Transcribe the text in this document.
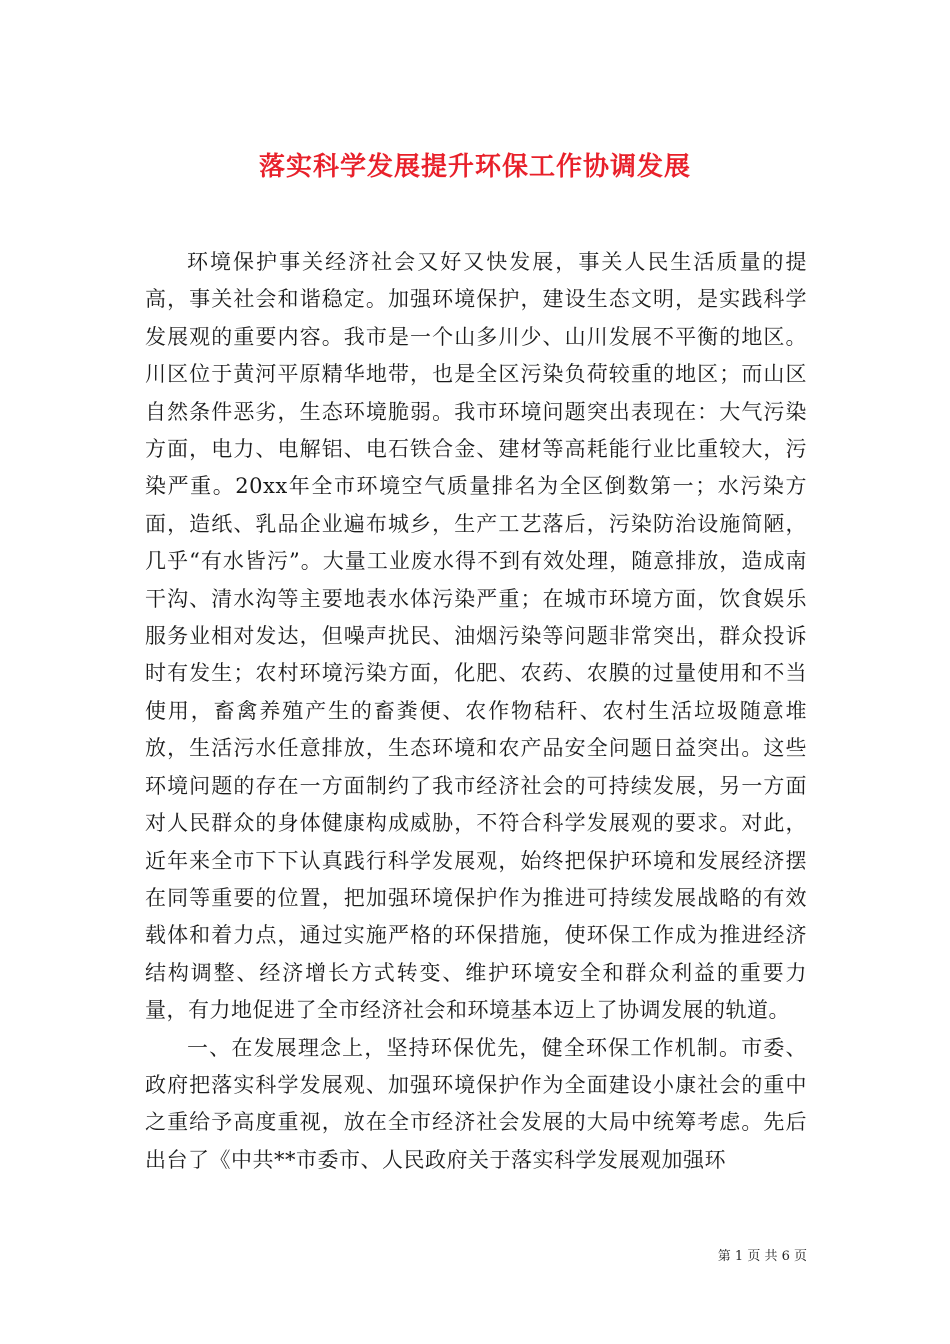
落实科学发展提升环保工作协调发展

环境保护事关经济社会又好又快发展，事关人民生活质量的提高，事关社会和谐稳定。加强环境保护，建设生态文明，是实践科学发展观的重要内容。我市是一个山多川少、山川发展不平衡的地区。川区位于黄河平原精华地带，也是全区污染负荷较重的地区；而山区自然条件恶劣，生态环境脆弱。我市环境问题突出表现在：大气污染方面，电力、电解铝、电石铁合金、建材等高耗能行业比重较大，污染严重。20xx年全市环境空气质量排名为全区倒数第一；水污染方面，造纸、乳品企业遍布城乡，生产工艺落后，污染防治设施简陋，几乎“有水皆污”。大量工业废水得不到有效处理，随意排放，造成南干沟、清水沟等主要地表水体污染严重；在城市环境方面，饮食娱乐服务业相对发达，但噪声扰民、油烟污染等问题非常突出，群众投诉时有发生；农村环境污染方面，化肥、农药、农膜的过量使用和不当使用，畜禽养殖产生的畜粪便、农作物秸秆、农村生活垃圾随意堆放，生活污水任意排放，生态环境和农产品安全问题日益突出。这些环境问题的存在一方面制约了我市经济社会的可持续发展，另一方面对人民群众的身体健康构成威胁，不符合科学发展观的要求。对此，近年来全市下下认真践行科学发展观，始终把保护环境和发展经济摆在同等重要的位置，把加强环境保护作为推进可持续发展战略的有效载体和着力点，通过实施严格的环保措施，使环保工作成为推进经济结构调整、经济增长方式转变、维护环境安全和群众利益的重要力量，有力地促进了全市经济社会和环境基本迈上了协调发展的轨道。

一、在发展理念上，坚持环保优先，健全环保工作机制。市委、政府把落实科学发展观、加强环境保护作为全面建设小康社会的重中之重给予高度重视，放在全市经济社会发展的大局中统筹考虑。先后出台了《中共**市委市、人民政府关于落实科学发展观加强环

第 1 页 共 6 页
